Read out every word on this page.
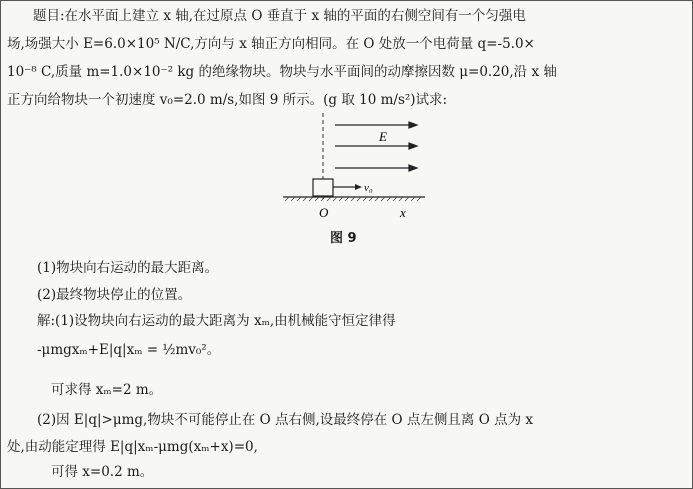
题目:在水平面上建立 x 轴,在过原点 O 垂直于 x 轴的平面的右侧空间有一个匀强电
场,场强大小 E=6.0×10⁵ N/C,方向与 x 轴正方向相同。在 O 处放一个电荷量 q=-5.0×
10⁻⁸ C,质量 m=1.0×10⁻² kg 的绝缘物块。物块与水平面间的动摩擦因数 μ=0.20,沿 x 轴
正方向给物块一个初速度 v₀=2.0 m/s,如图 9 所示。(g 取 10 m/s²)试求:
E
v₀
O	x
图 9
(1)物块向右运动的最大距离。
(2)最终物块停止的位置。
解:(1)设物块向右运动的最大距离为 xₘ,由机械能守恒定律得
-μmgxₘ+E|q|xₘ = ½mv₀²。
可求得 xₘ=2 m。
(2)因 E|q|>μmg,物块不可能停止在 O 点右侧,设最终停在 O 点左侧且离 O 点为 x
处,由动能定理得 E|q|xₘ-μmg(xₘ+x)=0,
可得 x=0.2 m。
